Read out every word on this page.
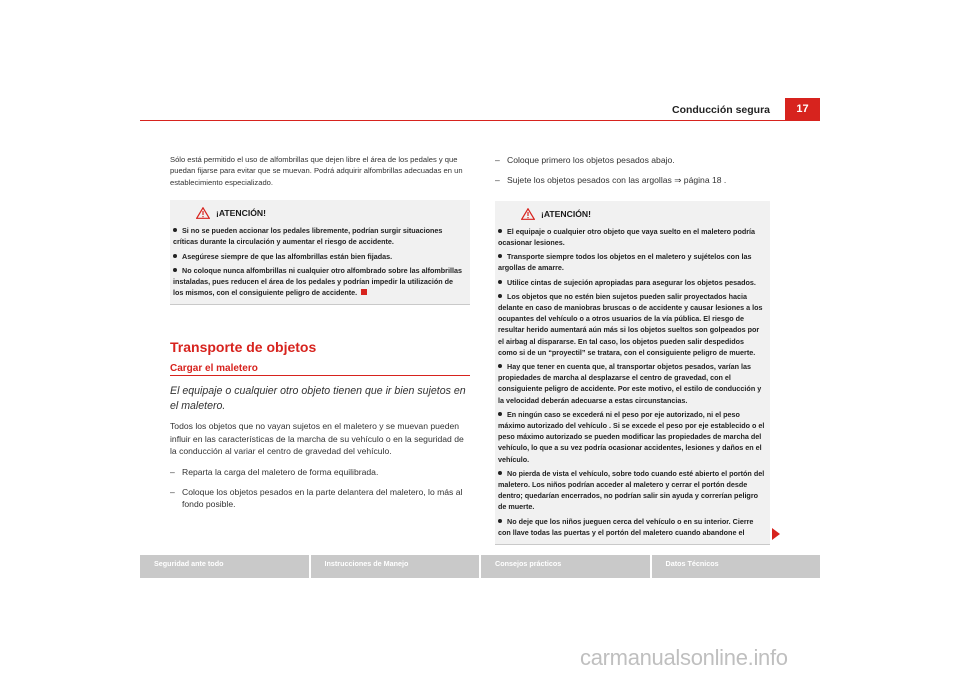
Conducción segura	17

Sólo está permitido el uso de alfombrillas que dejen libre el área de los pedales y que puedan fijarse para evitar que se muevan. Podrá adquirir alfombrillas adecuadas en un establecimiento especializado.

¡ATENCIÓN!
Si no se pueden accionar los pedales libremente, podrían surgir situaciones críticas durante la circulación y aumentar el riesgo de accidente.
Asegúrese siempre de que las alfombrillas están bien fijadas.
No coloque nunca alfombrillas ni cualquier otro alfombrado sobre las alfombrillas instaladas, pues reducen el área de los pedales y podrían impedir la utilización de los mismos, con el consiguiente peligro de accidente.
Transporte de objetos
Cargar el maletero

El equipaje o cualquier otro objeto tienen que ir bien sujetos en el maletero.

Todos los objetos que no vayan sujetos en el maletero y se muevan pueden influir en las características de la marcha de su vehículo o en la seguridad de la conducción al variar el centro de gravedad del vehículo.

– Reparta la carga del maletero de forma equilibrada.

– Coloque los objetos pesados en la parte delantera del maletero, lo más al fondo posible.

– Coloque primero los objetos pesados abajo.

– Sujete los objetos pesados con las argollas ⇒ página 18 .

¡ATENCIÓN!
El equipaje o cualquier otro objeto que vaya suelto en el maletero podría ocasionar lesiones.
Transporte siempre todos los objetos en el maletero y sujételos con las argollas de amarre.
Utilice cintas de sujeción apropiadas para asegurar los objetos pesados.
Los objetos que no estén bien sujetos pueden salir proyectados hacia delante en caso de maniobras bruscas o de accidente y causar lesiones a los ocupantes del vehículo o a otros usuarios de la vía pública. El riesgo de resultar herido aumentará aún más si los objetos sueltos son golpeados por el airbag al dispararse. En tal caso, los objetos pueden salir despedidos como si de un “proyectil” se tratara, con el consiguiente peligro de muerte.
Hay que tener en cuenta que, al transportar objetos pesados, varían las propiedades de marcha al desplazarse el centro de gravedad, con el consiguiente peligro de accidente. Por este motivo, el estilo de conducción y la velocidad deberán adecuarse a estas circunstancias.
En ningún caso se excederá ni el peso por eje autorizado, ni el peso máximo autorizado del vehículo . Si se excede el peso por eje establecido o el peso máximo autorizado se pueden modificar las propiedades de marcha del vehículo, lo que a su vez podría ocasionar accidentes, lesiones y daños en el vehículo.
No pierda de vista el vehículo, sobre todo cuando esté abierto el portón del maletero. Los niños podrían acceder al maletero y cerrar el portón desde dentro; quedarían encerrados, no podrían salir sin ayuda y correrían peligro de muerte.
No deje que los niños jueguen cerca del vehículo o en su interior. Cierre con llave todas las puertas y el portón del maletero cuando abandone el
Seguridad ante todo	Instrucciones de Manejo	Consejos prácticos	Datos Técnicos
carmanualsonline.info
